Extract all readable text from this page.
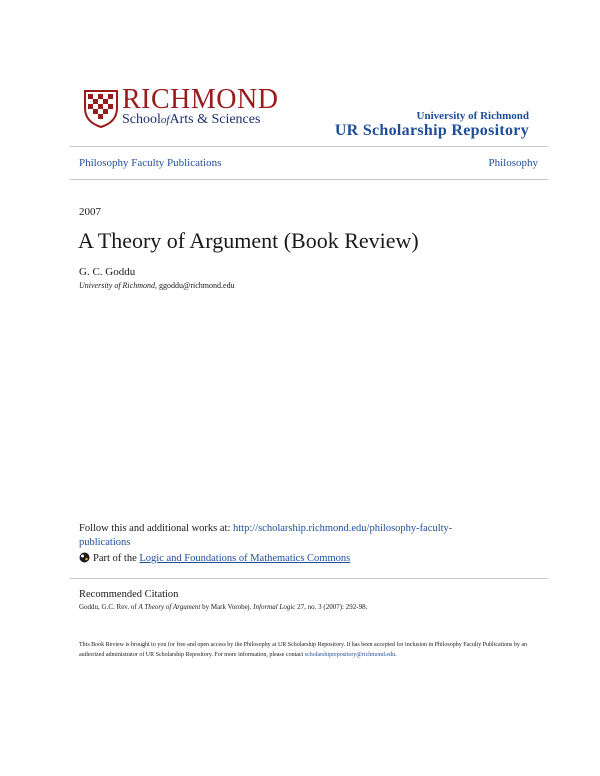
RICHMOND
SchoolofArts & Sciences	University of Richmond
UR Scholarship Repository
Philosophy Faculty Publications	Philosophy
2007
A Theory of Argument (Book Review)
G. C. Goddu
University of Richmond, ggoddu@richmond.edu
Follow this and additional works at: http://scholarship.richmond.edu/philosophy-faculty-publications
Part of the Logic and Foundations of Mathematics Commons
Recommended Citation
Goddu, G.C. Rev. of A Theory of Argument by Mark Vorobej. Informal Logic 27, no. 3 (2007): 292-98.
This Book Review is brought to you for free and open access by the Philosophy at UR Scholarship Repository. It has been accepted for inclusion in Philosophy Faculty Publications by an authorized administrator of UR Scholarship Repository. For more information, please contact scholarshiprepository@richmond.edu.
